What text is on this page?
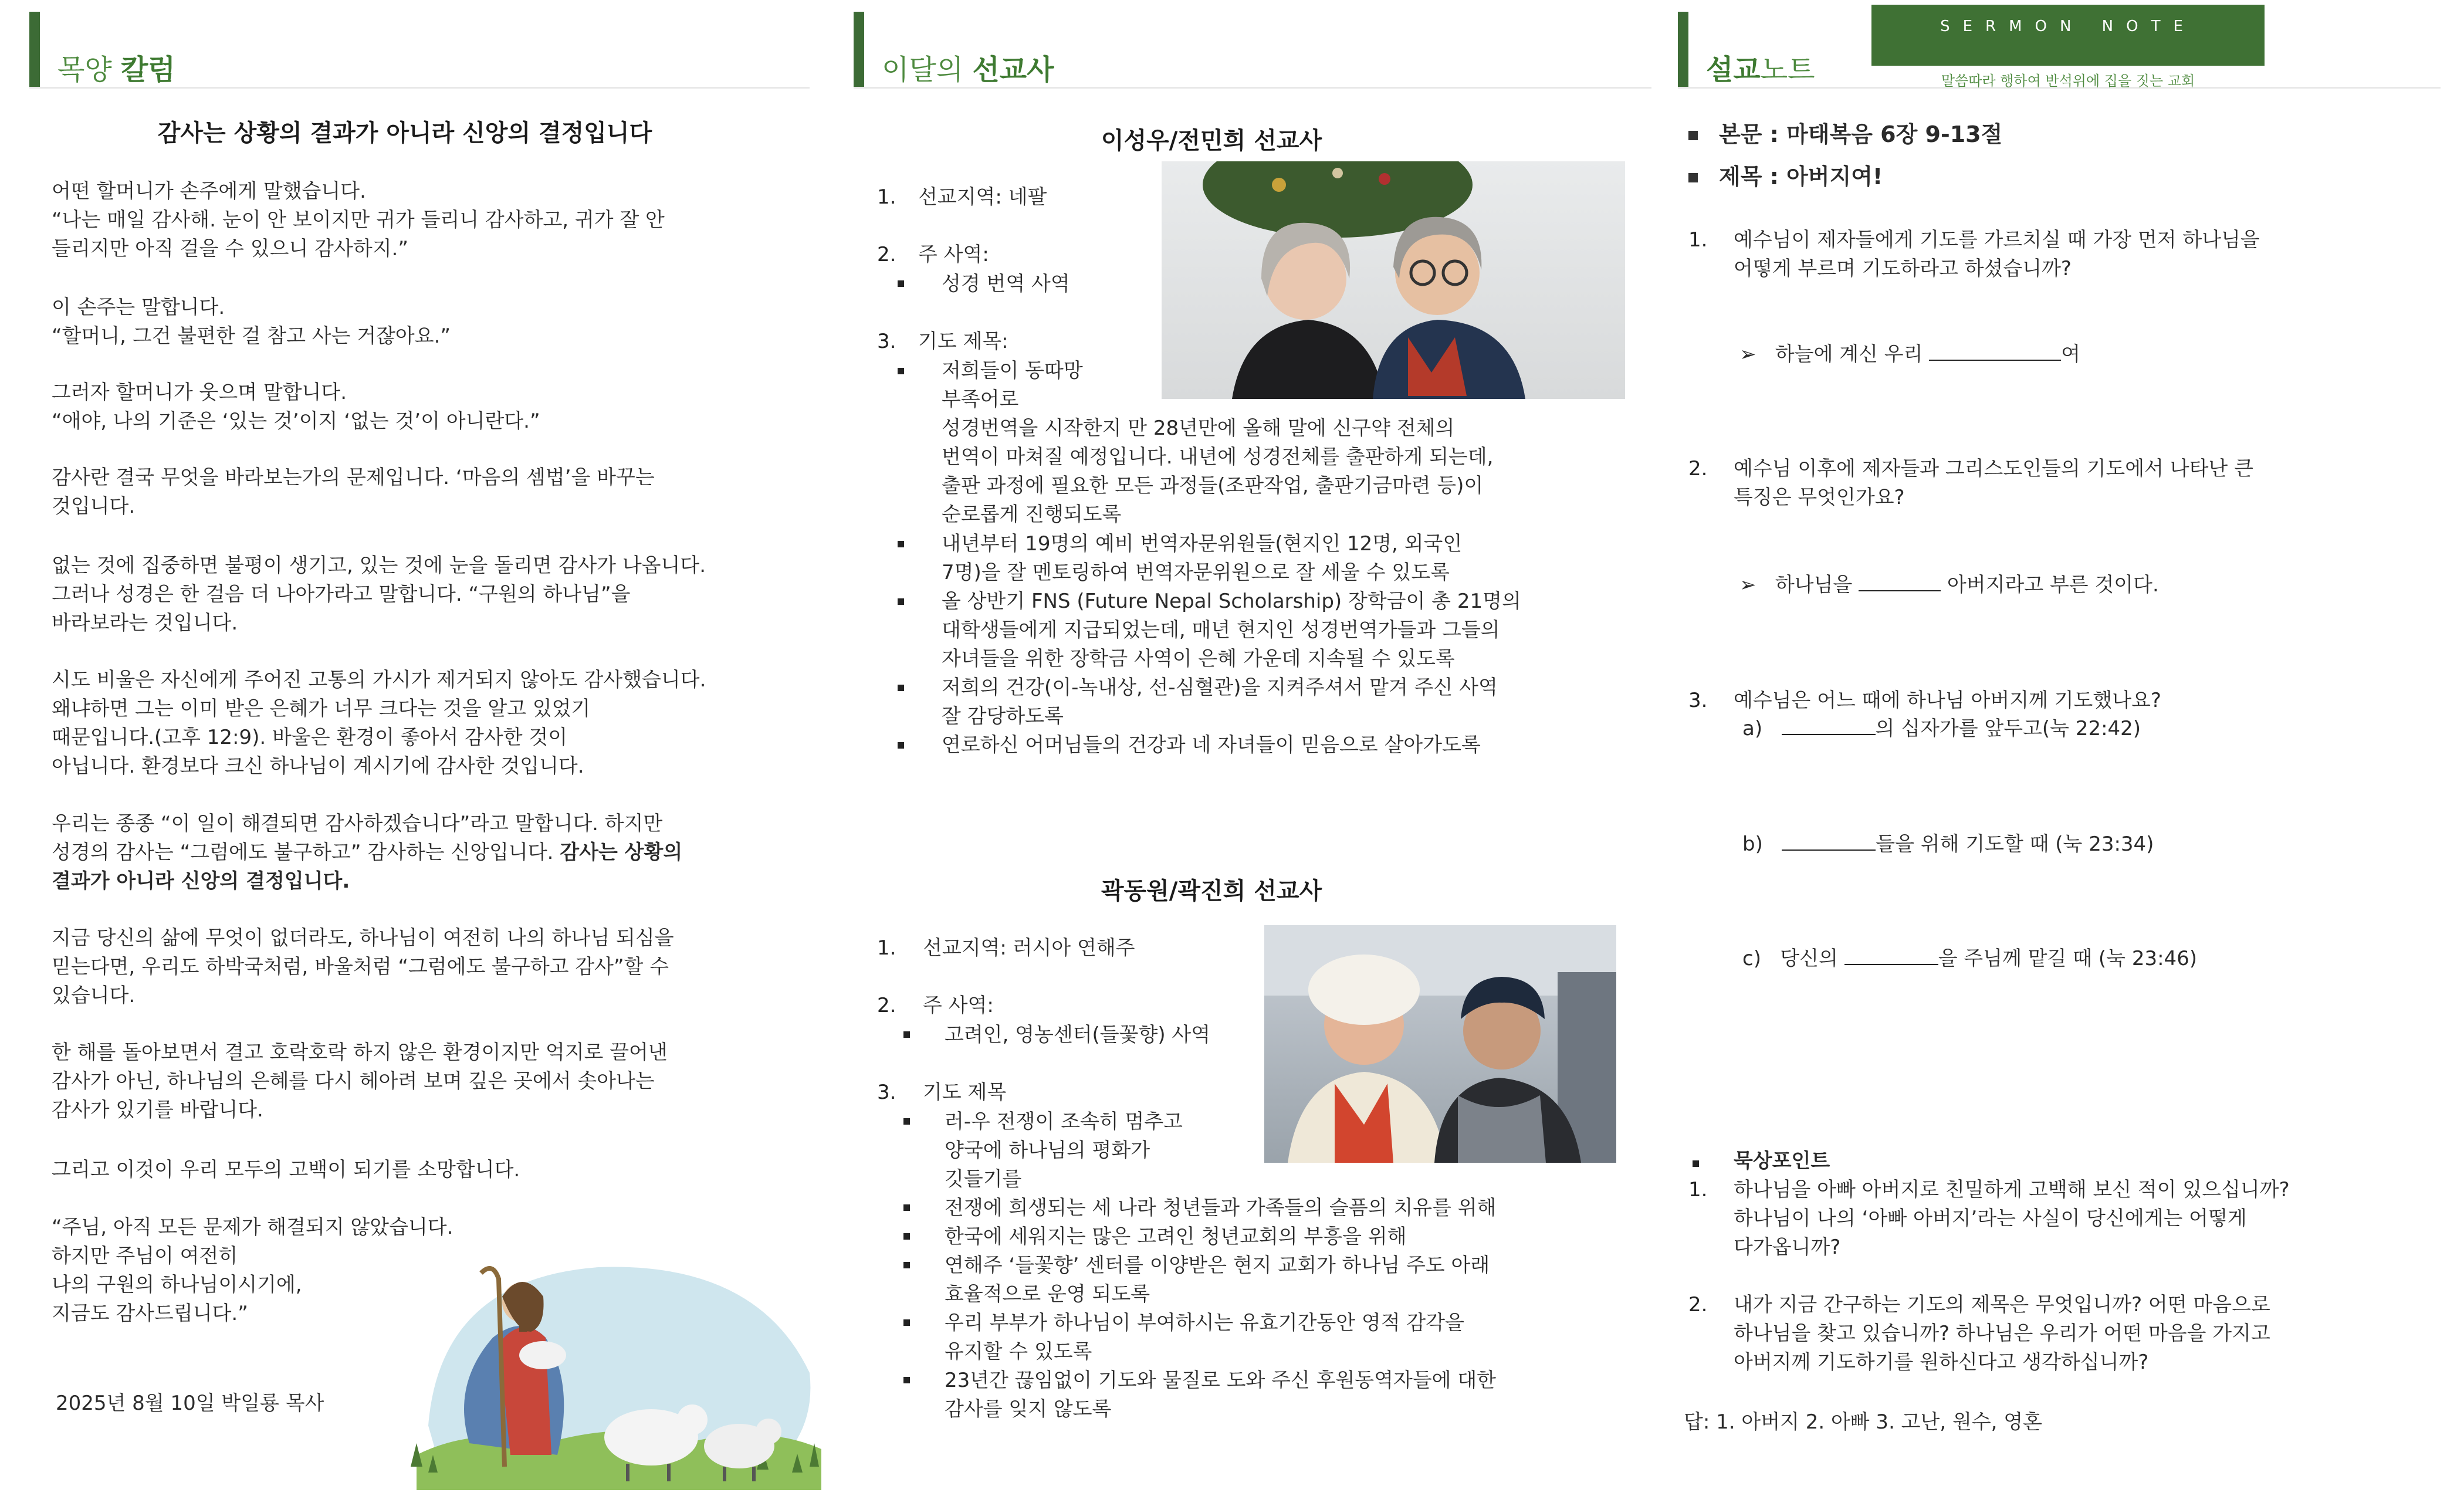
목양 칼럼
감사는 상황의 결과가 아니라 신앙의 결정입니다
어떤 할머니가 손주에게 말했습니다.
“나는 매일 감사해. 눈이 안 보이지만 귀가 들리니 감사하고, 귀가 잘 안
들리지만 아직 걸을 수 있으니 감사하지.”
이 손주는 말합니다.
“할머니, 그건 불편한 걸 참고 사는 거잖아요.”
그러자 할머니가 웃으며 말합니다.
“애야, 나의 기준은 ‘있는 것’이지 ‘없는 것’이 아니란다.”
감사란 결국 무엇을 바라보는가의 문제입니다. ‘마음의 셈법’을 바꾸는
것입니다.
없는 것에 집중하면 불평이 생기고, 있는 것에 눈을 돌리면 감사가 나옵니다.
그러나 성경은 한 걸음 더 나아가라고 말합니다. “구원의 하나님”을
바라보라는 것입니다.
시도 비울은 자신에게 주어진 고통의 가시가 제거되지 않아도 감사했습니다.
왜냐하면 그는 이미 받은 은혜가 너무 크다는 것을 알고 있었기
때문입니다.(고후 12:9). 바울은 환경이 좋아서 감사한 것이
아닙니다. 환경보다 크신 하나님이 계시기에 감사한 것입니다.
우리는 종종 “이 일이 해결되면 감사하겠습니다”라고 말합니다. 하지만
성경의 감사는 “그럼에도 불구하고” 감사하는 신앙입니다. 감사는 상황의
결과가 아니라 신앙의 결정입니다.
지금 당신의 삶에 무엇이 없더라도, 하나님이 여전히 나의 하나님 되심을
믿는다면, 우리도 하박국처럼, 바울처럼 “그럼에도 불구하고 감사”할 수
있습니다.
한 해를 돌아보면서 결고 호락호락 하지 않은 환경이지만 억지로 끌어낸
감사가 아닌, 하나님의 은혜를 다시 헤아려 보며 깊은 곳에서 솟아나는
감사가 있기를 바랍니다.
그리고 이것이 우리 모두의 고백이 되기를 소망합니다.
“주님, 아직 모든 문제가 해결되지 않았습니다.
하지만 주님이 여전히
나의 구원의 하나님이시기에,
지금도 감사드립니다.”
2025년 8월 10일 박일룡 목사
이달의 선교사
이성우/전민희 선교사
1. 선교지역: 네팔
2. 주 사역:
성경 번역 사역
3. 기도 제목:
저희들이 동따망
부족어로
성경번역을 시작한지 만 28년만에 올해 말에 신구약 전체의
번역이 마쳐질 예정입니다. 내년에 성경전체를 출판하게 되는데,
출판 과정에 필요한 모든 과정들(조판작업, 출판기금마련 등)이
순로롭게 진행되도록
내년부터 19명의 예비 번역자문위원들(현지인 12명, 외국인
7명)을 잘 멘토링하여 번역자문위원으로 잘 세울 수 있도록
올 상반기 FNS (Future Nepal Scholarship) 장학금이 총 21명의
대학생들에게 지급되었는데, 매년 현지인 성경번역가들과 그들의
자녀들을 위한 장학금 사역이 은혜 가운데 지속될 수 있도록
저희의 건강(이-녹내상, 선-심혈관)을 지켜주셔서 맡겨 주신 사역
잘 감당하도록
연로하신 어머님들의 건강과 네 자녀들이 믿음으로 살아가도록
곽동원/곽진희 선교사
1. 선교지역: 러시아 연해주
2. 주 사역:
고려인, 영농센터(들꽃향) 사역
3. 기도 제목
러-우 전쟁이 조속히 멈추고
양국에 하나님의 평화가
깃들기를
전쟁에 희생되는 세 나라 청년들과 가족들의 슬픔의 치유를 위해
한국에 세워지는 많은 고려인 청년교회의 부흥을 위해
연해주 ‘들꽃향’ 센터를 이양받은 현지 교회가 하나님 주도 아래
효율적으로 운영 되도록
우리 부부가 하나님이 부여하시는 유효기간동안 영적 감각을
유지할 수 있도록
23년간 끊임없이 기도와 물질로 도와 주신 후원동역자들에 대한
감사를 잊지 않도록
설교노트
SERMON NOTE
말씀따라 행하여 반석위에 집을 짓는 교회
본문 : 마태복음 6장 9-13절
제목 : 아버지여!
1. 예수님이 제자들에게 기도를 가르치실 때 가장 먼저 하나님을
어떻게 부르며 기도하라고 하셨습니까?
➢   하늘에 계신 우리	여
2. 예수님 이후에 제자들과 그리스도인들의 기도에서 나타난 큰
특징은 무엇인가요?
➢   하나님을	아버지라고 부른 것이다.
3. 예수님은 어느 때에 하나님 아버지께 기도했나요?
a)	의 십자가를 앞두고(눅 22:42)
b)	들을 위해 기도할 때 (눅 23:34)
c) 당신의	을 주님께 맡길 때 (눅 23:46)
묵상포인트
1. 하나님을 아빠 아버지로 친밀하게 고백해 보신 적이 있으십니까?
하나님이 나의 ‘아빠 아버지’라는 사실이 당신에게는 어떻게
다가옵니까?
2. 내가 지금 간구하는 기도의 제목은 무엇입니까? 어떤 마음으로
하나님을 찾고 있습니까? 하나님은 우리가 어떤 마음을 가지고
아버지께 기도하기를 원하신다고 생각하십니까?
답: 1. 아버지 2. 아빠 3. 고난, 원수, 영혼
